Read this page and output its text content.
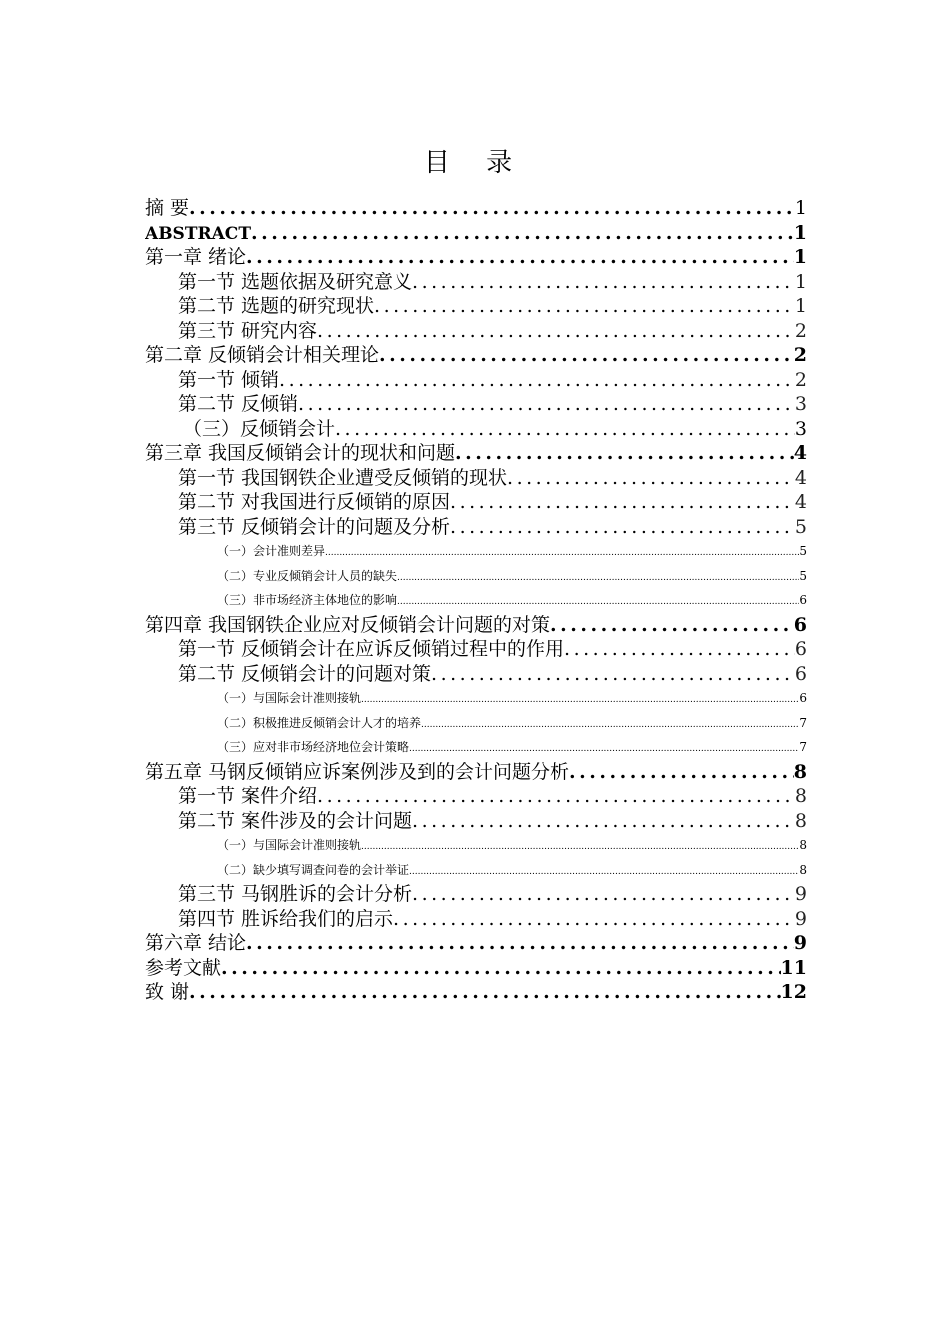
目 录
摘 要 .....	1
ABSTRACT .....	1
第一章 绪论 .....	1
第一节 选题依据及研究意义 .....	1
第二节 选题的研究现状 .....	1
第三节 研究内容 .....	2
第二章 反倾销会计相关理论 .....	2
第一节 倾销 .....	2
第二节 反倾销 .....	3
（三）反倾销会计 .....	3
第三章 我国反倾销会计的现状和问题 .....	4
第一节 我国钢铁企业遭受反倾销的现状 .....	4
第二节 对我国进行反倾销的原因 .....	4
第三节 反倾销会计的问题及分析 .....	5
（一）会计准则差异 .....	5
（二）专业反倾销会计人员的缺失 .....	5
（三）非市场经济主体地位的影响 .....	6
第四章 我国钢铁企业应对反倾销会计问题的对策 .....	6
第一节 反倾销会计在应诉反倾销过程中的作用 .....	6
第二节 反倾销会计的问题对策 .....	6
（一）与国际会计准则接轨 .....	6
（二）积极推进反倾销会计人才的培养 .....	7
（三）应对非市场经济地位会计策略 .....	7
第五章 马钢反倾销应诉案例涉及到的会计问题分析 .....	8
第一节 案件介绍 .....	8
第二节 案件涉及的会计问题 .....	8
（一）与国际会计准则接轨 .....	8
（二）缺少填写调查问卷的会计举证 .....	8
第三节 马钢胜诉的会计分析 .....	9
第四节 胜诉给我们的启示 .....	9
第六章 结论 .....	9
参考文献 .....	11
致 谢 .....	12
